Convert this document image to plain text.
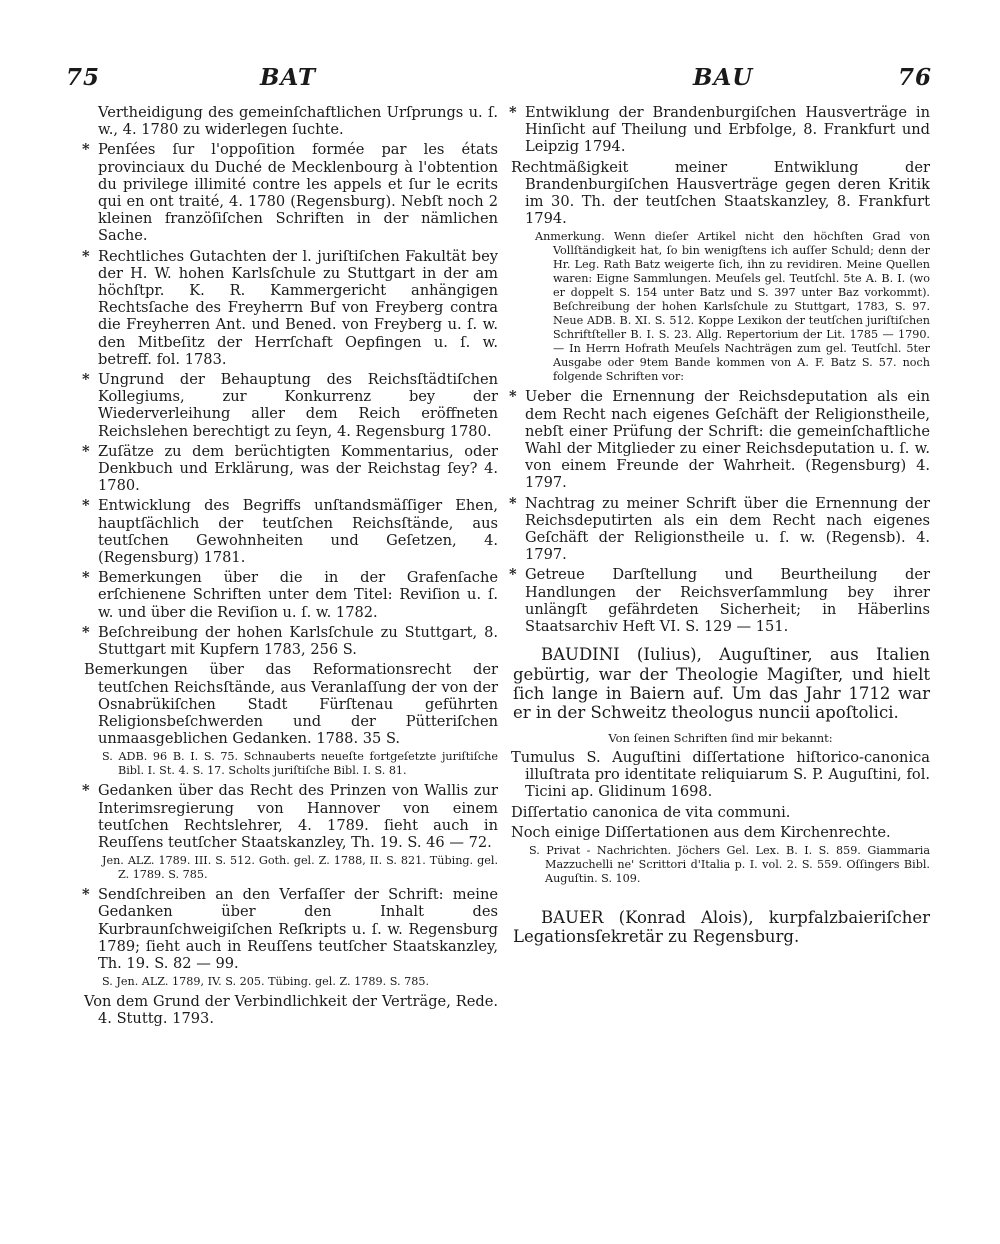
75	BAT	BAU	76

Vertheidigung des gemeinſchaftlichen Urſprungs u. ſ. w., 4. 1780 zu widerlegen ſuchte.

* Penſées ſur l'oppoſition formée par les états provinciaux du Duché de Mecklenbourg à l'obtention du privilege illimité contre les appels et ſur le ecrits qui en ont traité, 4. 1780 (Regensburg). Nebſt noch 2 kleinen franzöſiſchen Schriften in der nämlichen Sache.

* Rechtliches Gutachten der l. juriſtiſchen Fakultät bey der H. W. hohen Karlsſchule zu Stuttgart in der am höchſtpr. K. R. Kammergericht anhängigen Rechtsſache des Freyherrn Buf von Freyberg contra die Freyherren Ant. und Bened. von Freyberg u. ſ. w. den Mitbeſitz der Herrſchaft Oepfingen u. ſ. w. betreff. fol. 1783.

* Ungrund der Behauptung des Reichsſtädtiſchen Kollegiums, zur Konkurrenz bey der Wiederverleihung aller dem Reich eröffneten Reichslehen berechtigt zu ſeyn, 4. Regensburg 1780.

* Zuſätze zu dem berüchtigten Kommentarius, oder Denkbuch und Erklärung, was der Reichstag ſey? 4. 1780.

* Entwicklung des Begriffs unſtandsmäſſiger Ehen, hauptſächlich der teutſchen Reichsſtände, aus teutſchen Gewohnheiten und Geſetzen, 4. (Regensburg) 1781.

* Bemerkungen über die in der Grafenſache erſchienene Schriften unter dem Titel: Reviſion u. ſ. w. und über die Reviſion u. ſ. w. 1782.

* Beſchreibung der hohen Karlsſchule zu Stuttgart, 8. Stuttgart mit Kupfern 1783, 256 S.

Bemerkungen über das Reformationsrecht der teutſchen Reichsſtände, aus Veranlaſſung der von der Osnabrükiſchen Stadt Fürſtenau geführten Religionsbeſchwerden und der Pütteriſchen unmaasgeblichen Gedanken. 1788. 35 S.

S. ADB. 96 B. I. S. 75. Schnauberts neueſte fortgeſetzte juriſtiſche Bibl. I. St. 4. S. 17. Scholts juriſtiſche Bibl. I. S. 81.

* Gedanken über das Recht des Prinzen von Wallis zur Interimsregierung von Hannover von einem teutſchen Rechtslehrer, 4. 1789. ſieht auch in Reuſſens teutſcher Staatskanzley, Th. 19. S. 46 — 72.

Jen. ALZ. 1789. III. S. 512. Goth. gel. Z. 1788, II. S. 821. Tübing. gel. Z. 1789. S. 785.

* Sendſchreiben an den Verfaſſer der Schrift: meine Gedanken über den Inhalt des Kurbraunſchweigiſchen Reſkripts u. ſ. w. Regensburg 1789; ſieht auch in Reuſſens teutſcher Staatskanzley, Th. 19. S. 82 — 99.

S. Jen. ALZ. 1789, IV. S. 205. Tübing. gel. Z. 1789. S. 785.

Von dem Grund der Verbindlichkeit der Verträge, Rede. 4. Stuttg. 1793.

* Entwiklung der Brandenburgiſchen Hausverträge in Hinſicht auf Theilung und Erbfolge, 8. Frankfurt und Leipzig 1794.

Rechtmäßigkeit meiner Entwiklung der Brandenburgiſchen Hausverträge gegen deren Kritik im 30. Th. der teutſchen Staatskanzley, 8. Frankfurt 1794.

Anmerkung. Wenn dieſer Artikel nicht den höchſten Grad von Vollſtändigkeit hat, ſo bin wenigſtens ich auſſer Schuld; denn der Hr. Leg. Rath Batz weigerte ſich, ihn zu revidiren. Meine Quellen waren: Eigne Sammlungen. Meuſels gel. Teutſchl. 5te A. B. I. (wo er doppelt S. 154 unter Batz und S. 397 unter Baz vorkommt). Beſchreibung der hohen Karlsſchule zu Stuttgart, 1783, S. 97. Neue ADB. B. XI. S. 512. Koppe Lexikon der teutſchen juriſtiſchen Schriftſteller B. I. S. 23. Allg. Repertorium der Lit. 1785 — 1790. — In Herrn Hofrath Meuſels Nachträgen zum gel. Teutſchl. 5ter Ausgabe oder 9tem Bande kommen von A. F. Batz S. 57. noch folgende Schriften vor:

* Ueber die Ernennung der Reichsdeputation als ein dem Recht nach eigenes Geſchäft der Religionstheile, nebſt einer Prüfung der Schrift: die gemeinſchaftliche Wahl der Mitglieder zu einer Reichsdeputation u. ſ. w. von einem Freunde der Wahrheit. (Regensburg) 4. 1797.

* Nachtrag zu meiner Schrift über die Ernennung der Reichsdeputirten als ein dem Recht nach eigenes Geſchäft der Religionstheile u. ſ. w. (Regensb). 4. 1797.

* Getreue Darſtellung und Beurtheilung der Handlungen der Reichsverſammlung bey ihrer unlängſt gefährdeten Sicherheit; in Häberlins Staatsarchiv Heft VI. S. 129 — 151.

BAUDINI (Iulius), Auguſtiner, aus Italien gebürtig, war der Theologie Magiſter, und hielt ſich lange in Baiern auf. Um das Jahr 1712 war er in der Schweitz theologus nuncii apoſtolici.

Von ſeinen Schriften ſind mir bekannt:

Tumulus S. Auguſtini diſſertatione hiſtorico-canonica illuſtrata pro identitate reliquiarum S. P. Auguſtini, fol. Ticini ap. Glidinum 1698.

Diſſertatio canonica de vita communi.

Noch einige Diſſertationen aus dem Kirchenrechte.

S. Privat - Nachrichten. Jöchers Gel. Lex. B. I. S. 859. Giammaria Mazzuchelli ne' Scrittori d'Italia p. I. vol. 2. S. 559. Oſſingers Bibl. Auguſtin. S. 109.

BAUER (Konrad Alois), kurpfalzbaieriſcher Legationsſekretär zu Regensburg.
